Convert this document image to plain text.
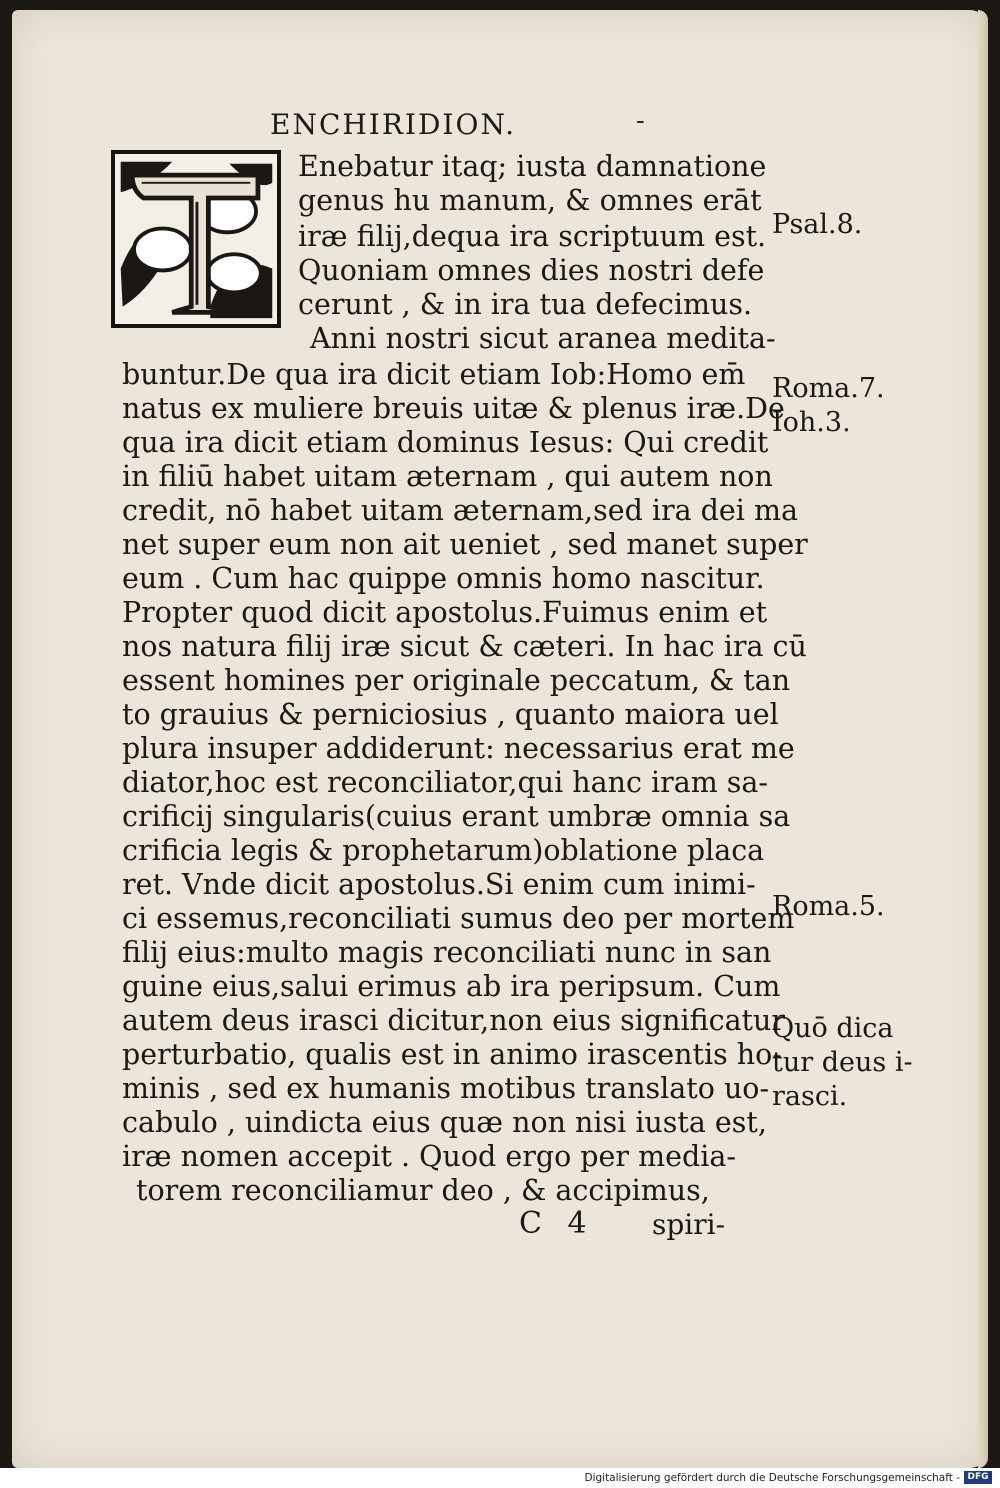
ENCHIRIDION.	-
Enebatur itaq; iusta damnatione
genus hu manum, & omnes erāt
iræ filij,dequa ira scriptuum est.
Quoniam omnes dies nostri defe
cerunt , & in ira tua defecimus.
Anni nostri sicut aranea medita-
buntur.De qua ira dicit etiam Iob:Homo em̄
natus ex muliere breuis uitæ & plenus iræ.De
qua ira dicit etiam dominus Iesus: Qui credit
in filiū habet uitam æternam , qui autem non
credit, nō habet uitam æternam,sed ira dei ma
net super eum non ait ueniet , sed manet super
eum . Cum hac quippe omnis homo nascitur.
Propter quod dicit apostolus.Fuimus enim et
nos natura filij iræ sicut & cæteri. In hac ira cū
essent homines per originale peccatum, & tan
to grauius & perniciosius , quanto maiora uel
plura insuper addiderunt: necessarius erat me
diator,hoc est reconciliator,qui hanc iram sa-
crificij singularis(cuius erant umbræ omnia sa
crificia legis & prophetarum)oblatione placa
ret. Vnde dicit apostolus.Si enim cum inimi-
ci essemus,reconciliati sumus deo per mortem
filij eius:multo magis reconciliati nunc in san
guine eius,salui erimus ab ira peripsum. Cum
autem deus irasci dicitur,non eius significatur
perturbatio, qualis est in animo irascentis ho-
minis , sed ex humanis motibus translato uo-
cabulo , uindicta eius quæ non nisi iusta est,
iræ nomen accepit . Quod ergo per media-
torem reconciliamur deo , & accipimus,
Psal.8.
Roma.7.
Ioh.3.
Roma.5.
Quō dica
tur deus i-
rasci.
C 4 spiri-
Digitalisierung gefördert durch die Deutsche Forschungsgemeinschaft - DFG
